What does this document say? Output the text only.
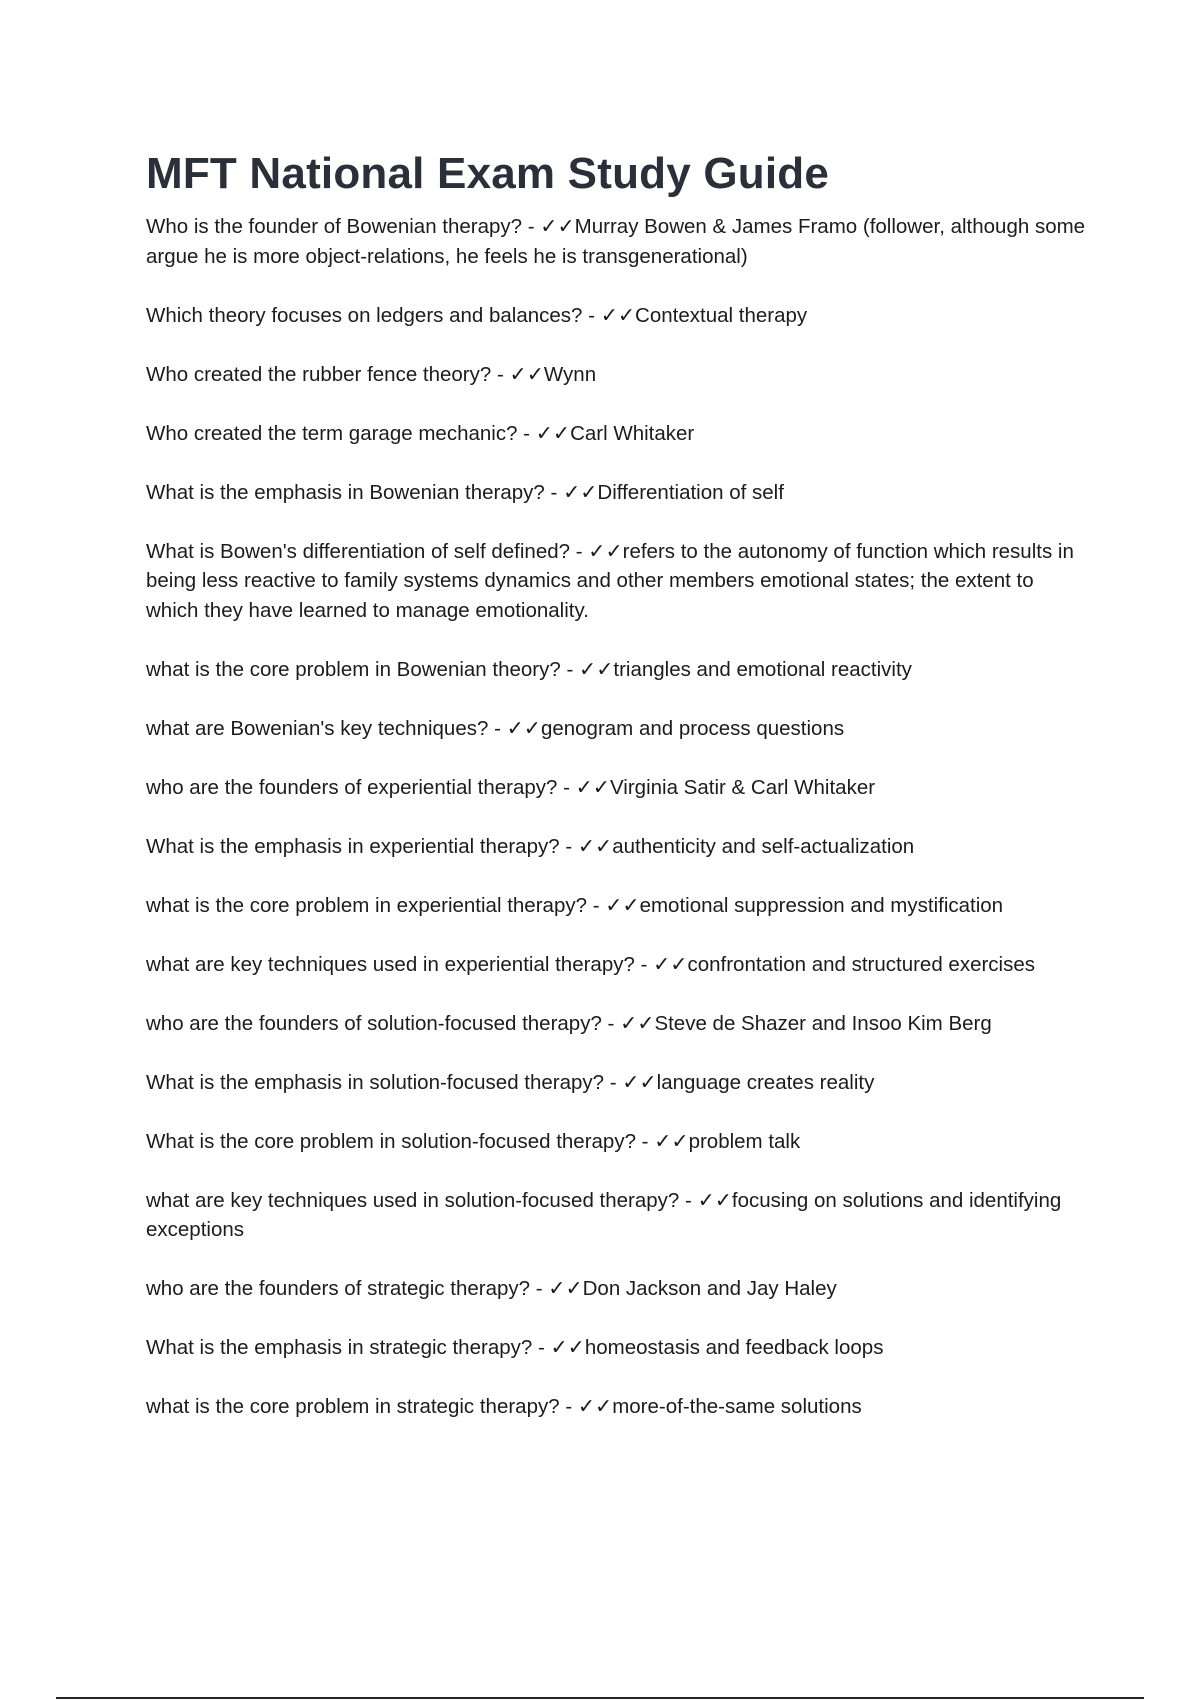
MFT National Exam Study Guide
Who is the founder of Bowenian therapy? - ✓✓Murray Bowen & James Framo (follower, although some argue he is more object-relations, he feels he is transgenerational)
Which theory focuses on ledgers and balances? - ✓✓Contextual therapy
Who created the rubber fence theory? - ✓✓Wynn
Who created the term garage mechanic? - ✓✓Carl Whitaker
What is the emphasis in Bowenian therapy? - ✓✓Differentiation of self
What is Bowen's differentiation of self defined? - ✓✓refers to the autonomy of function which results in being less reactive to family systems dynamics and other members emotional states; the extent to which they have learned to manage emotionality.
what is the core problem in Bowenian theory? - ✓✓triangles and emotional reactivity
what are Bowenian's key techniques? - ✓✓genogram and process questions
who are the founders of experiential therapy? - ✓✓Virginia Satir & Carl Whitaker
What is the emphasis in experiential therapy? - ✓✓authenticity and self-actualization
what is the core problem in experiential therapy? - ✓✓emotional suppression and mystification
what are key techniques used in experiential therapy? - ✓✓confrontation and structured exercises
who are the founders of solution-focused therapy? - ✓✓Steve de Shazer and Insoo Kim Berg
What is the emphasis in solution-focused therapy? - ✓✓language creates reality
What is the core problem in solution-focused therapy? - ✓✓problem talk
what are key techniques used in solution-focused therapy? - ✓✓focusing on solutions and identifying exceptions
who are the founders of strategic therapy? - ✓✓Don Jackson and Jay Haley
What is the emphasis in strategic therapy? - ✓✓homeostasis and feedback loops
what is the core problem in strategic therapy? - ✓✓more-of-the-same solutions
